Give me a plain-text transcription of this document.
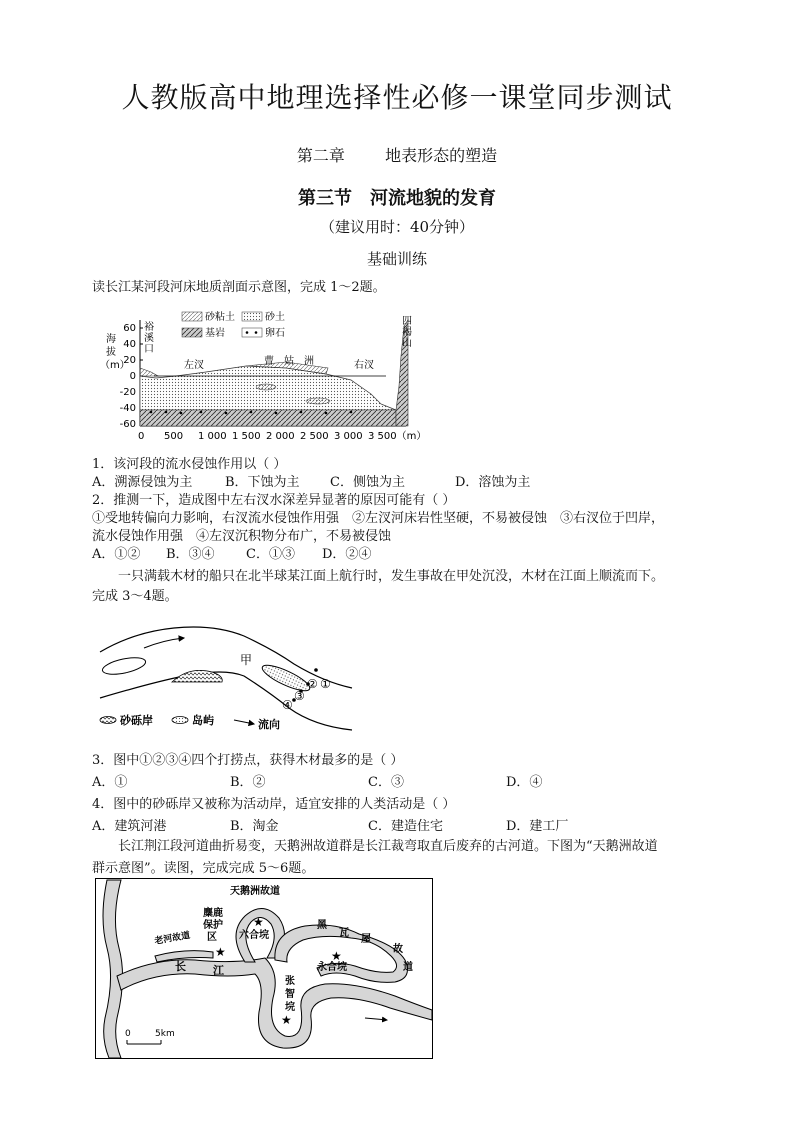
人教版高中地理选择性必修一课堂同步测试
第二章	地表形态的塑造
第三节　河流地貌的发育
（建议用时：40分钟）
基础训练
读长江某河段河床地质剖面示意图，完成 1～2题。
60
40
20
0
-20
-40
-60
0 500 1 000 1 500 2 000 2 500 3 000 3 500（m）
海拔（m）
裕溪口
四褐山
左汊	曹　姑　洲	右汊
砂粘土	砂土
基岩	卵石
1．该河段的流水侵蚀作用以（ ）
A．溯源侵蚀为主	B．下蚀为主 C．侧蚀为主	D．溶蚀为主
2．推测一下，造成图中左右汊水深差异显著的原因可能有（ ）
①受地转偏向力影响，右汊流水侵蚀作用强　②左汊河床岩性坚硬，不易被侵蚀　③右汊位于凹岸，
流水侵蚀作用强　④左汊沉积物分布广，不易被侵蚀
A．①② B．③④ C．①③ D．②④
一只满载木材的船只在北半球某江面上航行时，发生事故在甲处沉没，木材在江面上顺流而下。
完成 3～4题。
甲
①
②
③
④
砂砾岸	岛屿	流向
3．图中①②③④四个打捞点，获得木材最多的是（ ）
A．①	B．②	C．③	D．④
4．图中的砂砾岸又被称为活动岸，适宜安排的人类活动是（ ）
A．建筑河港	B．淘金	C．建造住宅	D．建工厂
长江荆江段河道曲折易变，天鹅洲故道群是长江裁弯取直后废弃的古河道。下图为“天鹅洲故道
群示意图”。读图，完成完成 5～6题。
天鹅洲故道
麋鹿
保护
区
老河故道	六合垸
黑
瓦
屋
故
道
永合垸
长 江
张
智
垸
★
★	★
★
0	5km
